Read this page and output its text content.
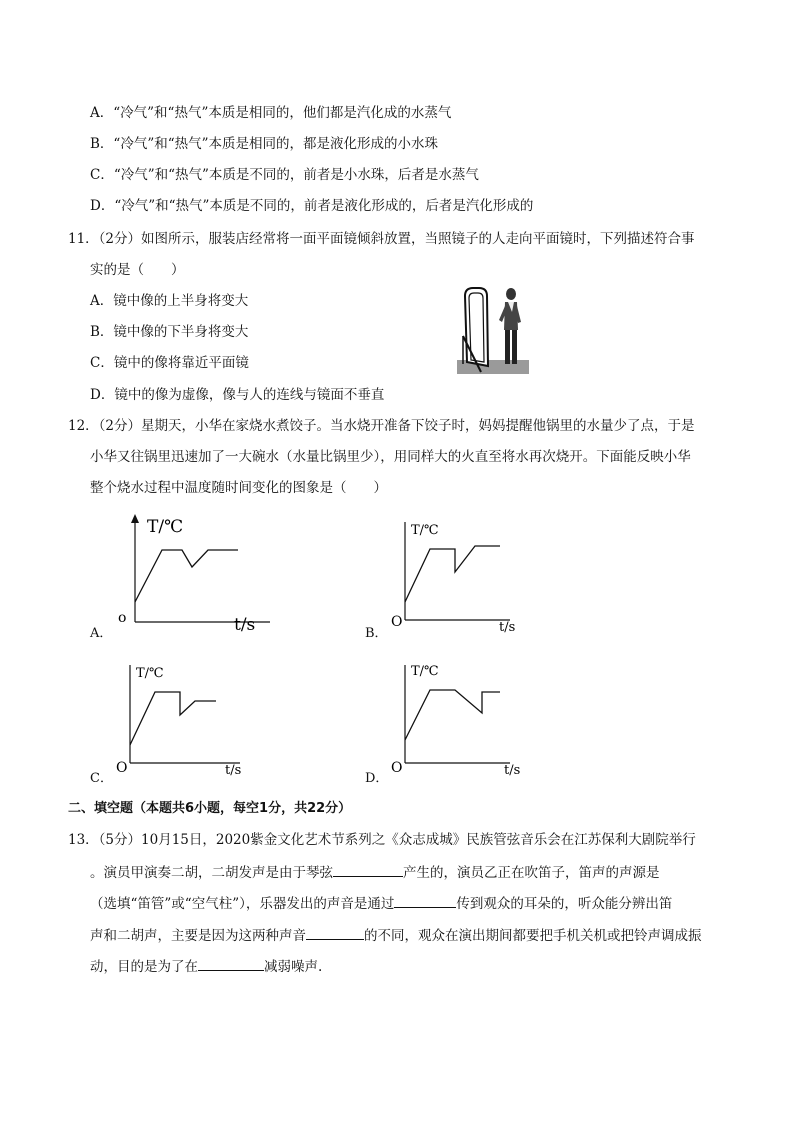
A．“冷气”和“热气”本质是相同的，他们都是汽化成的水蒸气
B．“冷气”和“热气”本质是相同的，都是液化形成的小水珠
C．“冷气”和“热气”本质是不同的，前者是小水珠，后者是水蒸气
D．“冷气”和“热气”本质是不同的，前者是液化形成的，后者是汽化形成的
11．（2分）如图所示，服装店经常将一面平面镜倾斜放置，当照镜子的人走向平面镜时，下列描述符合事
实的是（　　）
A．镜中像的上半身将变大
B．镜中像的下半身将变大
C．镜中的像将靠近平面镜
D．镜中的像为虚像，像与人的连线与镜面不垂直
12．（2分）星期天，小华在家烧水煮饺子。当水烧开准备下饺子时，妈妈提醒他锅里的水量少了点，于是
小华又往锅里迅速加了一大碗水（水量比锅里少），用同样大的火直至将水再次烧开。下面能反映小华
整个烧水过程中温度随时间变化的图象是（　　）
A．
T/℃
t/s
o
B．
T/℃
t/s
O
C．
T/℃
t/s
O
D．
T/℃
t/s
O
二、填空题（本题共6小题，每空1分，共22分）
13．（5分）10月15日，2020紫金文化艺术节系列之《众志成城》民族管弦音乐会在江苏保利大剧院举行
。演员甲演奏二胡，二胡发声是由于琴弦	产生的，演员乙正在吹笛子，笛声的声源是
（选填“笛管”或“空气柱”），乐器发出的声音是通过	传到观众的耳朵的，听众能分辨出笛
声和二胡声，主要是因为这两种声音	的不同，观众在演出期间都要把手机关机或把铃声调成振
动，目的是为了在	减弱噪声.
